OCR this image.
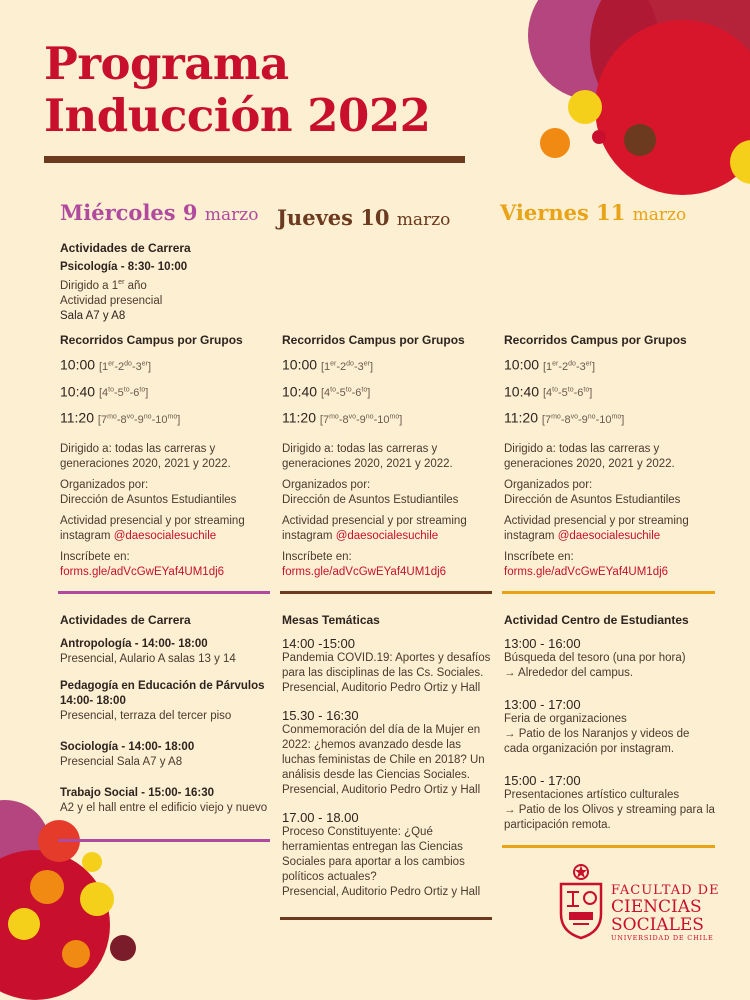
Programa
Inducción 2022
Miércoles 9 marzo Jueves 10 marzo Viernes 11 marzo
Actividades de Carrera

Psicología - 8:30- 10:00

Dirigido a 1er año

Actividad presencial

Sala A7 y A8

Recorridos Campus por Grupos
10:00 $[1er-2^{do}-3er]$
10:40 $[4^{to}-5^{to}-6^{to}]$
11:20 $[7^{mo}-8^{vo}-9^{no}-10^{mo}]$

Dirigido a: todas las carreras y generaciones 2020, 2021 y 2022.

Organizados por:

Dirección de Asuntos Estudiantiles

Actividad presencial y por streaming instagram @daesocialesuchile

Inscríbete en:

forms.gle/adVcGwEYaf4UM1dj6

Recorridos Campus por Grupos
10:00 $[1er-2^{do}-3er]$
10:40 $[4^{to}-5^{to}-6^{to}]$
11:20 $[7^{mo}-8^{vo}-9^{no}-10^{mo}]$

Dirigido a: todas las carreras y generaciones 2020, 2021 y 2022.

Organizados por:

Dirección de Asuntos Estudiantiles

Actividad presencial y por streaming instagram @daesocialesuchile

Inscríbete en:

forms.gle/adVcGwEYaf4UM1dj6

Recorridos Campus por Grupos
10:00 $[1er-2^{do}-3er]$
10:40 $[4^{to}-5^{to}-6^{to}]$
11:20 $[7^{mo}-8^{vo}-9^{no}-10^{mo}]$

Dirigido a: todas las carreras y generaciones 2020, 2021 y 2022.

Organizados por:

Dirección de Asuntos Estudiantiles

Actividad presencial y por streaming instagram @daesocialesuchile

Inscríbete en:

forms.gle/adVcGwEYaf4UM1dj6

Actividades de Carrera

Antropología - 14:00- 18:00

Presencial, Aulario A salas 13 y 14

Pedagogía en Educación de Párvulos

14:00- 18:00

Presencial, terraza del tercer piso

Sociología - 14:00- 18:00

Presencial Sala A7 y A8

Trabajo Social - 15:00- 16:30

A2 y el hall entre el edificio viejo y nuevo

Mesas Temáticas

14:00 -15:00

Pandemia COVID.19: Aportes y desafíos para las disciplinas de las Cs. Sociales.

Presencial, Auditorio Pedro Ortiz y Hall

15.30 - 16:30

Conmemoración del día de la Mujer en 2022: ¿hemos avanzado desde las luchas feministas de Chile en 2018? Un análisis desde las Ciencias Sociales.

Presencial, Auditorio Pedro Ortiz y Hall

17.00 - 18.00

Proceso Constituyente: ¿Qué herramientas entregan las Ciencias Sociales para aportar a los cambios políticos actuales?

Presencial, Auditorio Pedro Ortiz y Hall

Actividad Centro de Estudiantes

13:00 - 16:00

Búsqueda del tesoro (una por hora)

→ Alrededor del campus.

13:00 - 17:00

Feria de organizaciones

→ Patio de los Naranjos y videos de cada organización por instagram.

15:00 - 17:00

Presentaciones artístico culturales

→ Patio de los Olivos y streaming para la participación remota.

FACULTAD DE
CIENCIAS
SOCIALES
UNIVERSIDAD DE CHILE
